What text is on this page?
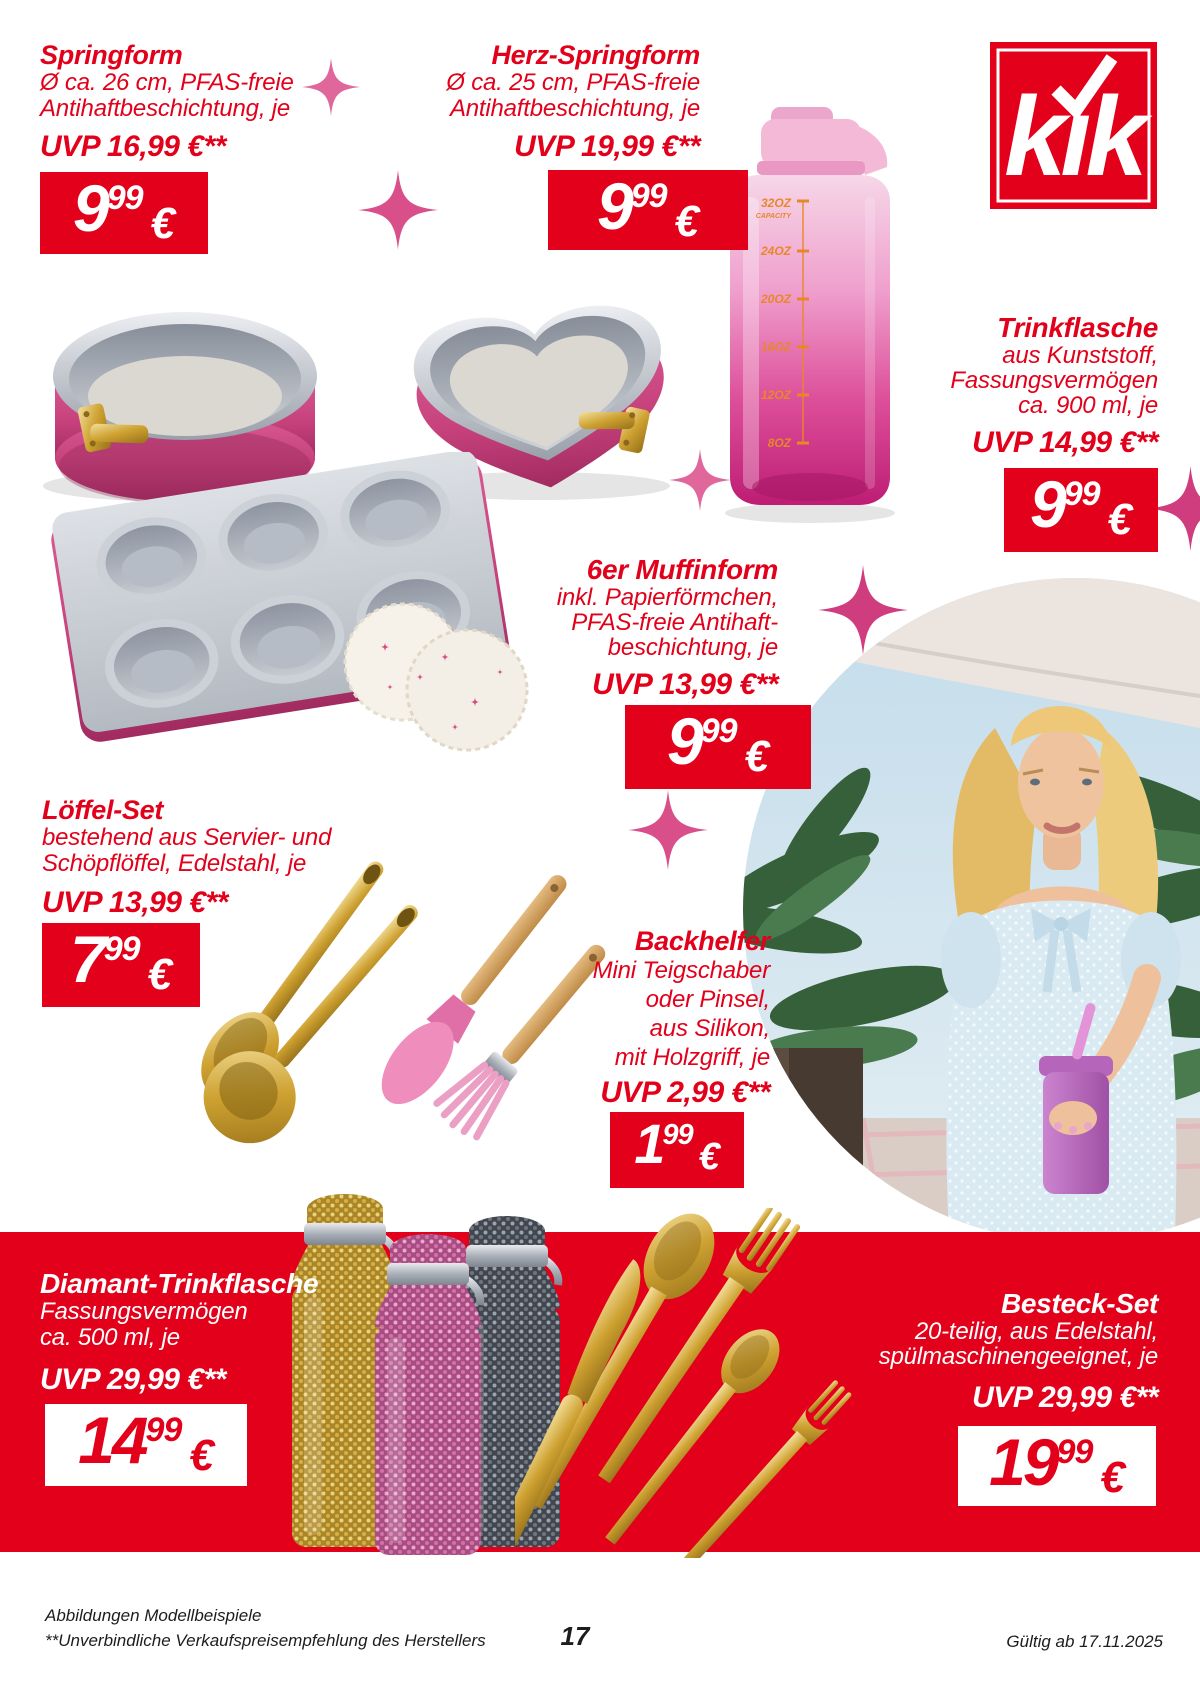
kık
32OZ
CAPACITY
24OZ
20OZ
16OZ
12OZ
8OZ
Springform
Ø ca. 26 cm, PFAS-freie
Antihaftbeschichtung, je
UVP 16,99 €**
9 99
€
Herz-Springform
Ø ca. 25 cm, PFAS-freie
Antihaftbeschichtung, je
UVP 19,99 €**
9 99
€
Trinkflasche
aus Kunststoff,
Fassungsvermögen
ca. 900 ml, je
UVP 14,99 €**
9 99
€
6er Muffinform
inkl. Papierförmchen,
PFAS-freie Antihaft-
beschichtung, je
UVP 13,99 €**
9 99
€
Löffel-Set
bestehend aus Servier- und
Schöpflöffel, Edelstahl, je
UVP 13,99 €**
7 99
€
Backhelfer
Mini Teigschaber
oder Pinsel,
aus Silikon,
mit Holzgriff, je
UVP 2,99 €**
1 99
€
Diamant-Trinkflasche
Fassungsvermögen
ca. 500 ml, je
UVP 29,99 €**
14 99
€
Besteck-Set
20-teilig, aus Edelstahl,
spülmaschinengeeignet, je
UVP 29,99 €**
19 99
€
Abbildungen Modellbeispiele
**Unverbindliche Verkaufspreisempfehlung des Herstellers	17	Gültig ab 17.11.2025
